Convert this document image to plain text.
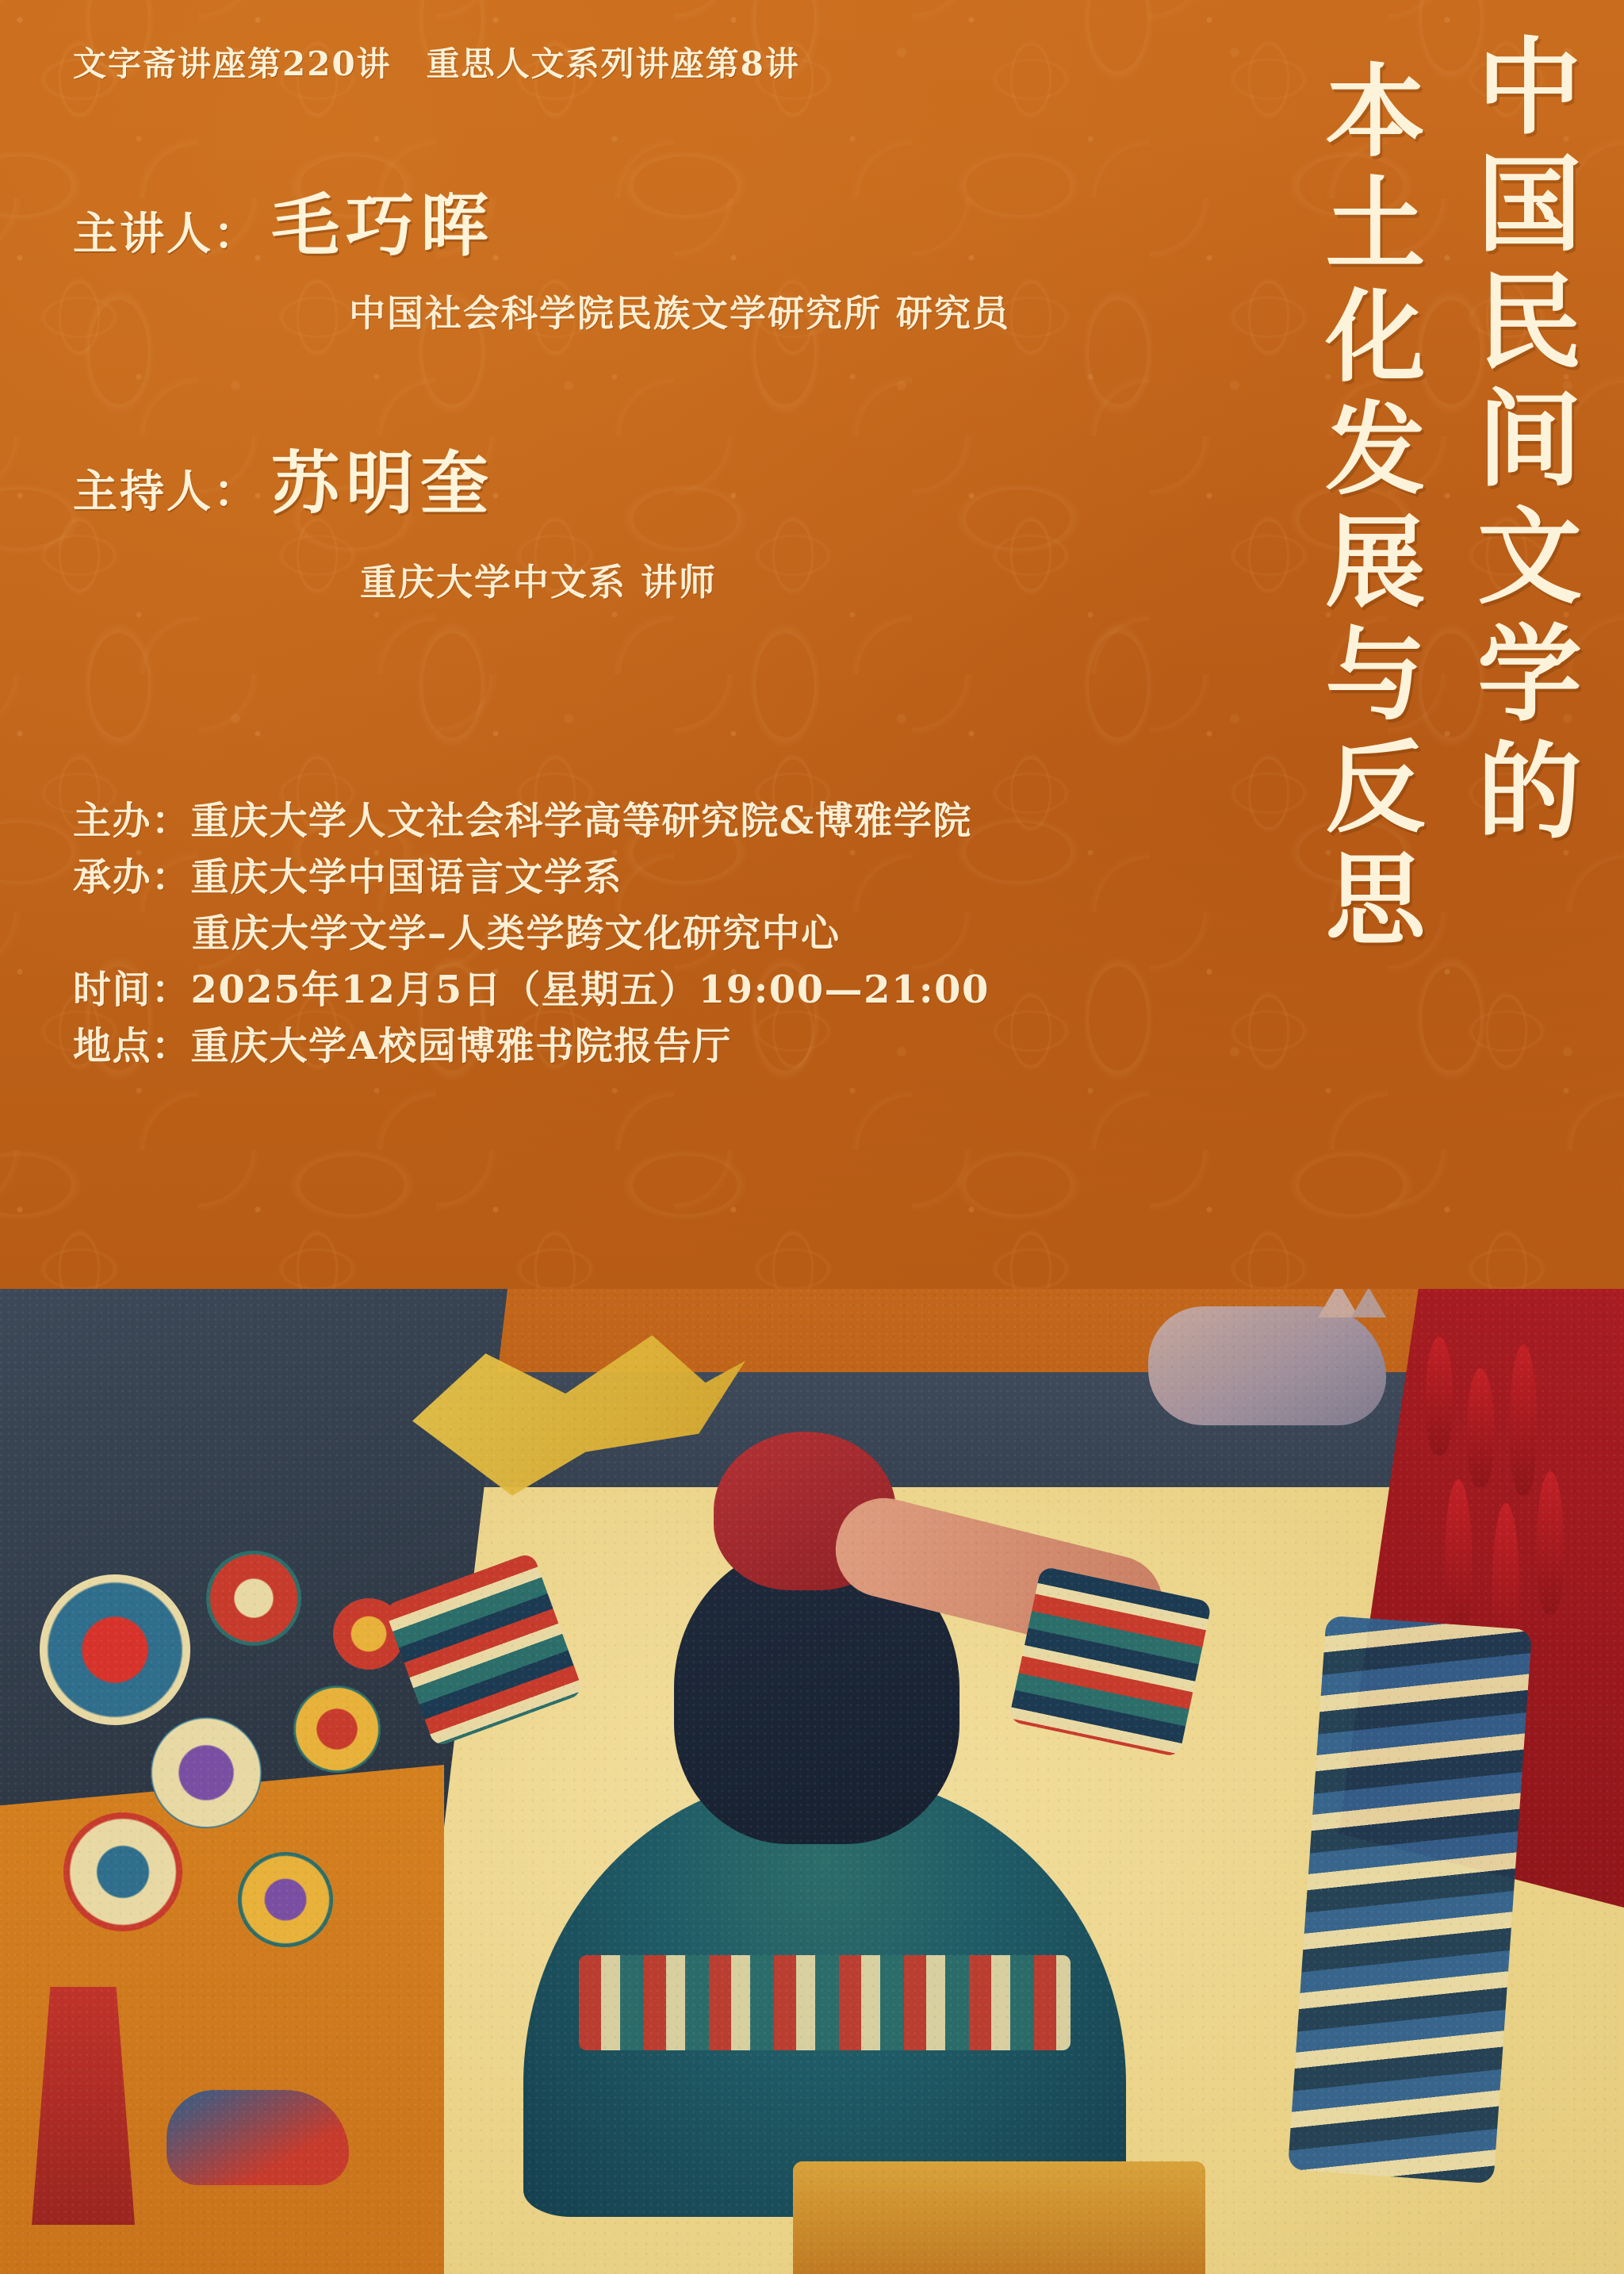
文字斋讲座第220讲　重思人文系列讲座第8讲
主讲人： 毛巧晖
中国社会科学院民族文学研究所 研究员
主持人： 苏明奎
重庆大学中文系 讲师
主办：重庆大学人文社会科学高等研究院&博雅学院
承办：重庆大学中国语言文学系
重庆大学文学–人类学跨文化研究中心
时间：2025年12月5日（星期五）19:00—21:00
地点：重庆大学A校园博雅书院报告厅
中国民间文学的
本土化发展与反思
